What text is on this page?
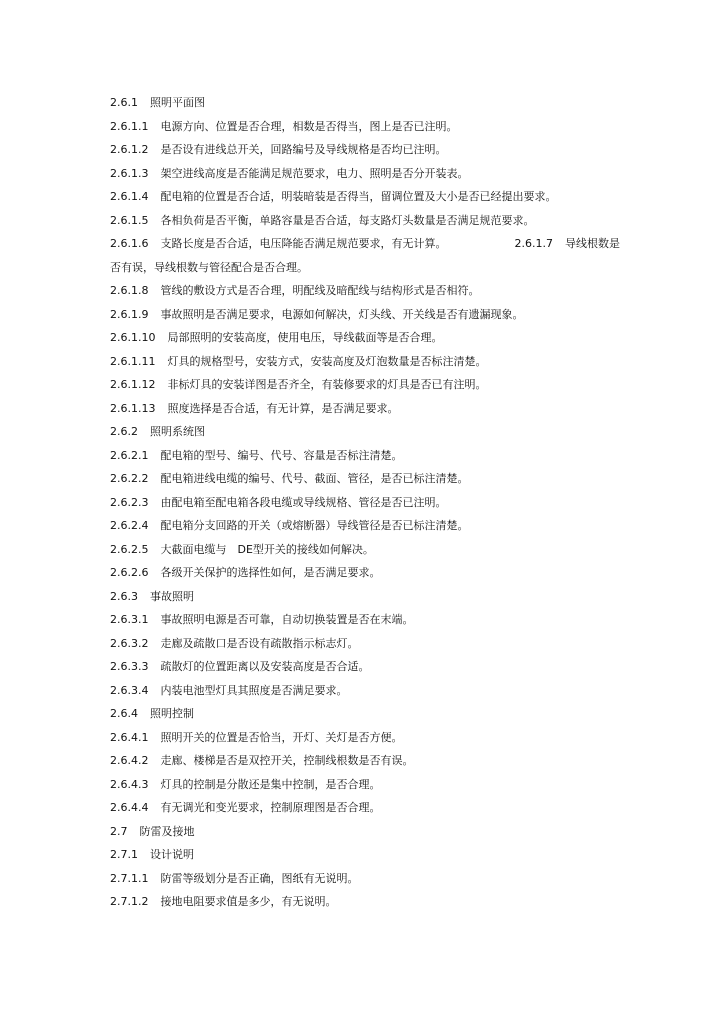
2.6.1 照明平面图
2.6.1.1 电源方向、位置是否合理，相数是否得当，图上是否已注明。
2.6.1.2 是否设有进线总开关，回路编号及导线规格是否均已注明。
2.6.1.3 架空进线高度是否能满足规范要求，电力、照明是否分开装表。
2.6.1.4 配电箱的位置是否合适，明装暗装是否得当，留调位置及大小是否已经提出要求。
2.6.1.5 各相负荷是否平衡，单路容量是否合适，每支路灯头数量是否满足规范要求。
2.6.1.6 支路长度是否合适，电压降能否满足规范要求，有无计算。	2.6.1.7 导线根数是
否有误，导线根数与管径配合是否合理。
2.6.1.8 管线的敷设方式是否合理，明配线及暗配线与结构形式是否相符。
2.6.1.9 事故照明是否满足要求，电源如何解决，灯头线、开关线是否有遗漏现象。
2.6.1.10 局部照明的安装高度，使用电压，导线截面等是否合理。
2.6.1.11 灯具的规格型号，安装方式，安装高度及灯泡数量是否标注清楚。
2.6.1.12 非标灯具的安装详图是否齐全，有装修要求的灯具是否已有注明。
2.6.1.13 照度选择是否合适，有无计算，是否满足要求。
2.6.2 照明系统图
2.6.2.1 配电箱的型号、编号、代号、容量是否标注清楚。
2.6.2.2 配电箱进线电缆的编号、代号、截面、管径，是否已标注清楚。
2.6.2.3 由配电箱至配电箱各段电缆或导线规格、管径是否已注明。
2.6.2.4 配电箱分支回路的开关（或熔断器）导线管径是否已标注清楚。
2.6.2.5 大截面电缆与　DE型开关的接线如何解决。
2.6.2.6 各级开关保护的选择性如何，是否满足要求。
2.6.3 事故照明
2.6.3.1 事故照明电源是否可靠，自动切换装置是否在末端。
2.6.3.2 走廊及疏散口是否设有疏散指示标志灯。
2.6.3.3 疏散灯的位置距离以及安装高度是否合适。
2.6.3.4 内装电池型灯具其照度是否满足要求。
2.6.4 照明控制
2.6.4.1 照明开关的位置是否恰当，开灯、关灯是否方便。
2.6.4.2 走廊、楼梯是否是双控开关，控制线根数是否有误。
2.6.4.3 灯具的控制是分散还是集中控制，是否合理。
2.6.4.4 有无调光和变光要求，控制原理图是否合理。
2.7 防雷及接地
2.7.1 设计说明
2.7.1.1 防雷等级划分是否正确，图纸有无说明。
2.7.1.2 接地电阻要求值是多少，有无说明。
